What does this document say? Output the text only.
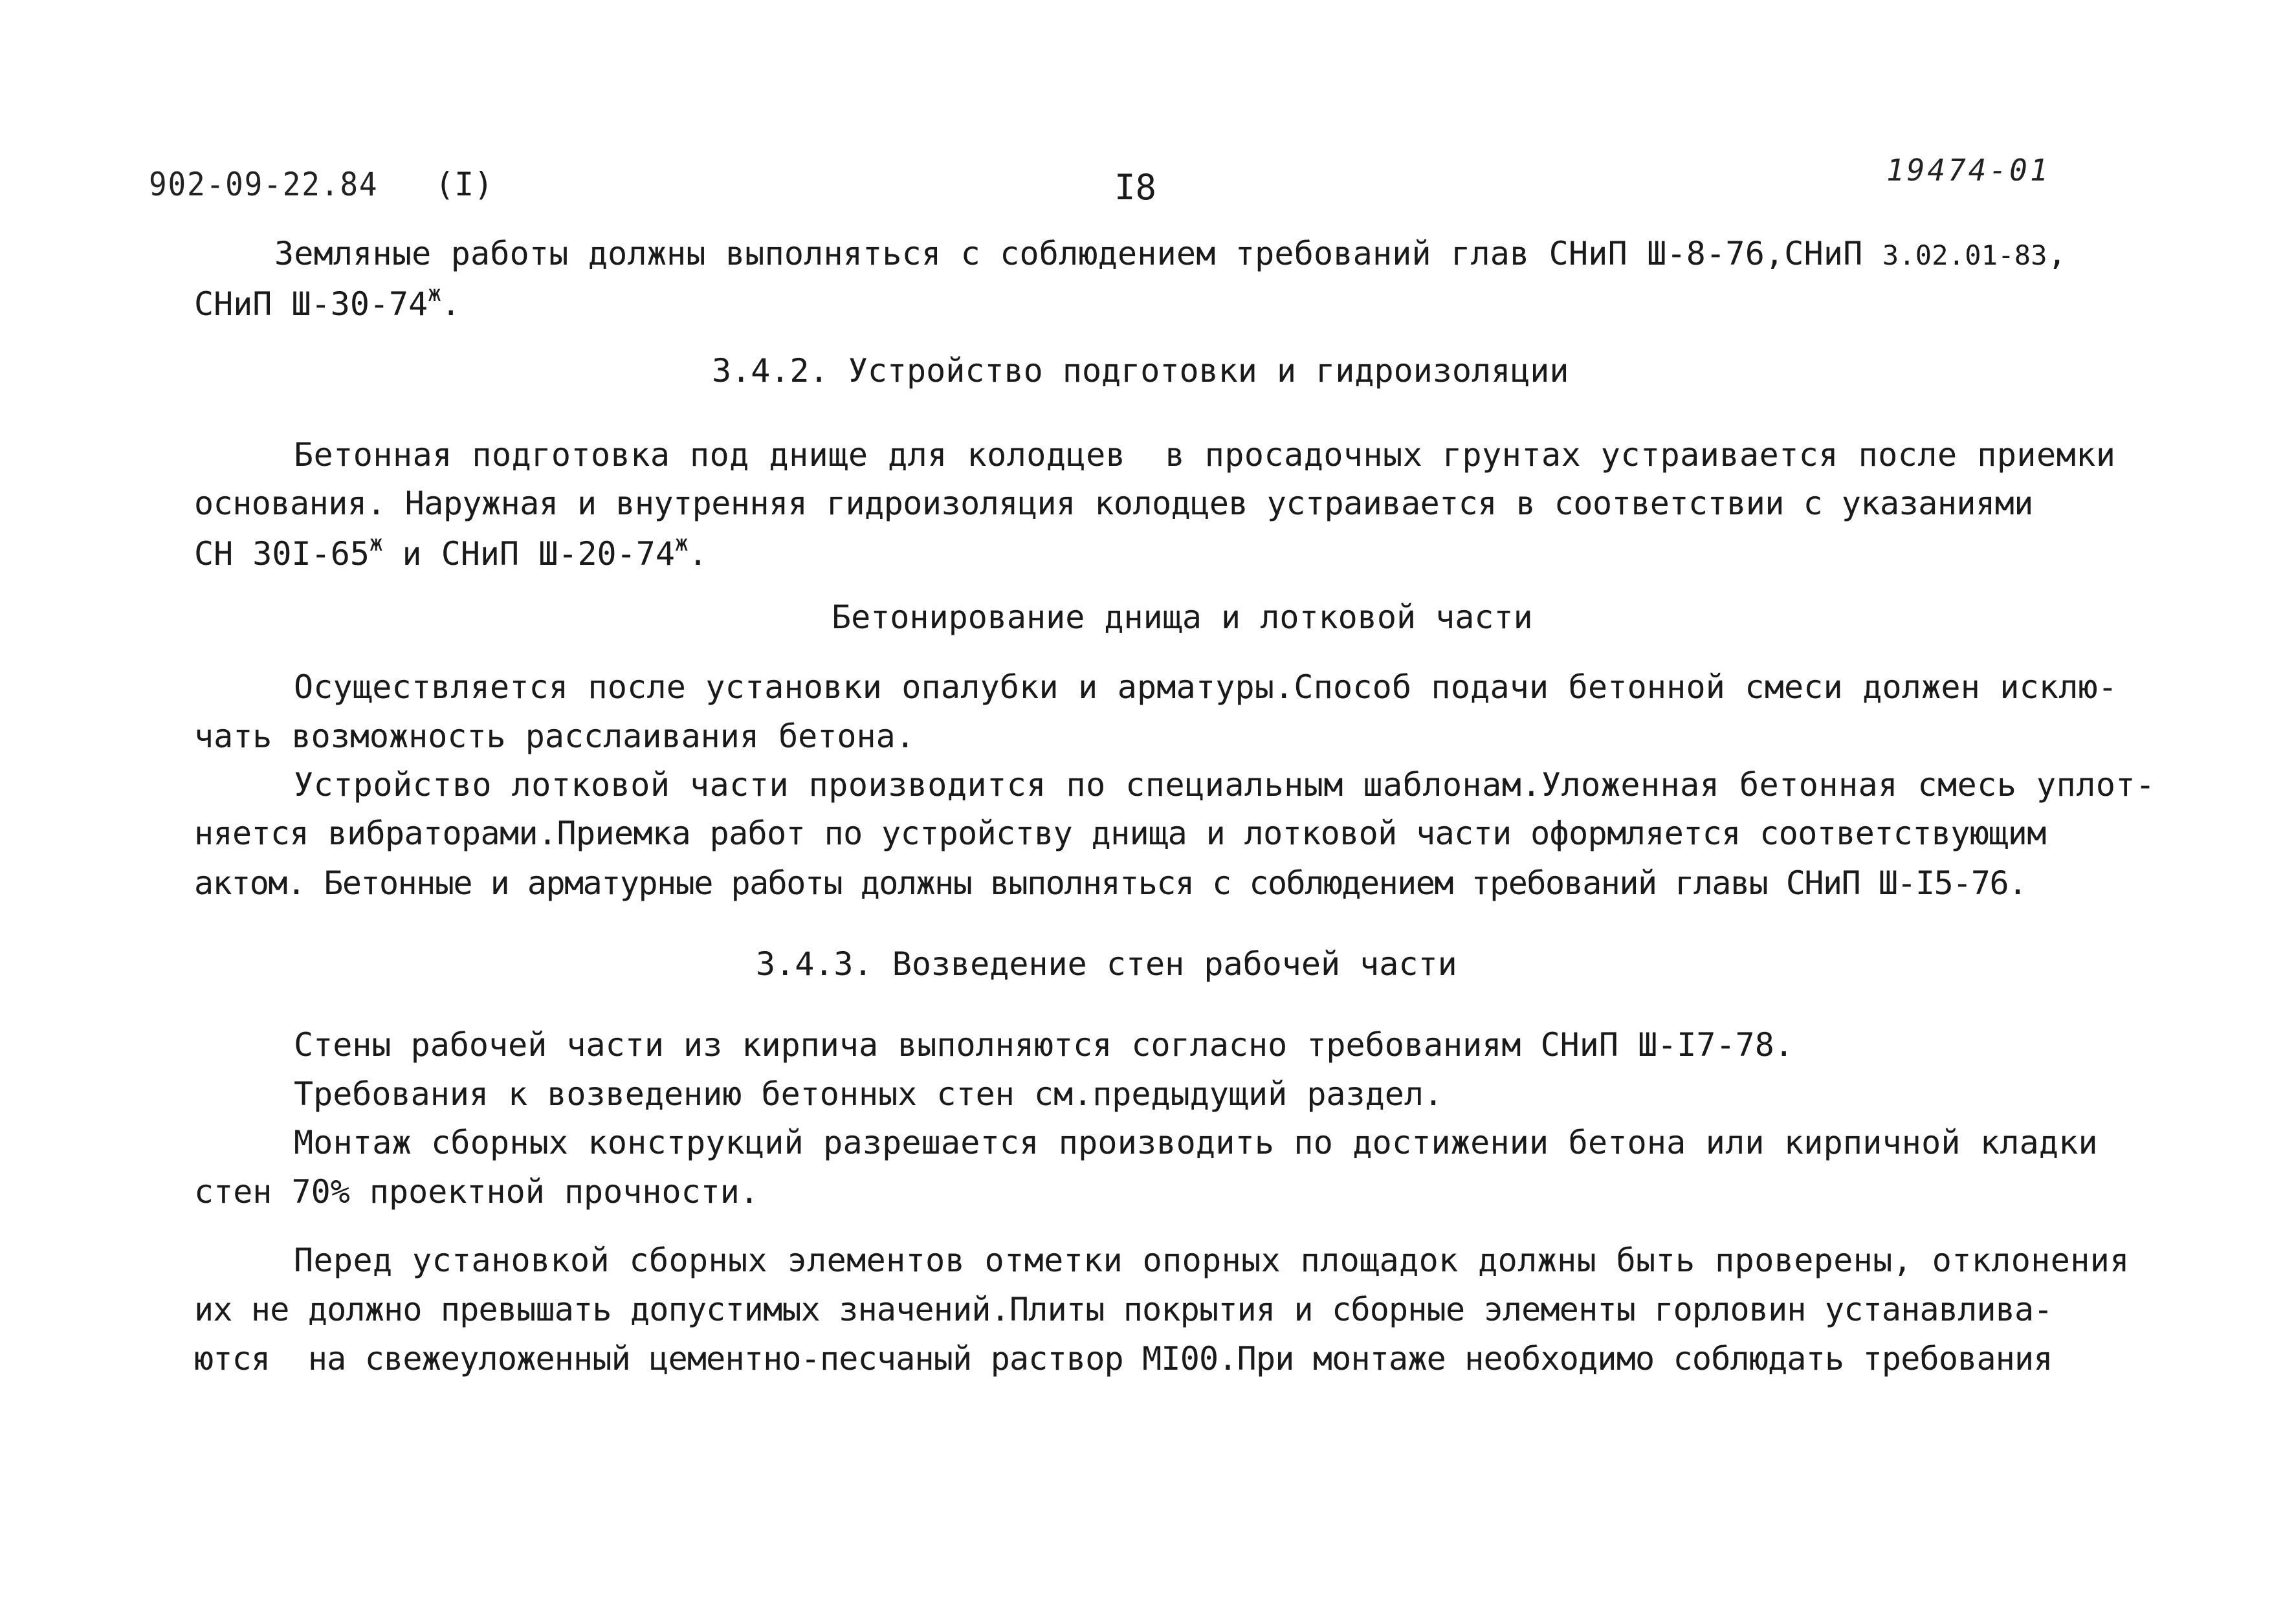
902-09-22.84 (I)	I8	19474-01
Земляные работы должны выполняться с соблюдением требований глав СНиП Ш-8-76,СНиП 3.02.01-83,
СНиП $Ш-30-74^ж$.
3.4.2. Устройство подготовки и гидроизоляции
Бетонная подготовка под днище для колодцев  в просадочных грунтах устраивается после приемки
основания. Наружная и внутренняя гидроизоляция колодцев устраивается в соответствии с указаниями
СН $30I-65^ж$ и СНиП $Ш-20-74^ж$.
Бетонирование днища и лотковой части
Осуществляется после установки опалубки и арматуры.Способ подачи бетонной смеси должен исклю-
чать возможность расслаивания бетона.
Устройство лотковой части производится по специальным шаблонам.Уложенная бетонная смесь уплот-
няется вибраторами.Приемка работ по устройству днища и лотковой части оформляется соответствующим
актом. Бетонные и арматурные работы должны выполняться с соблюдением требований главы СНиП Ш-I5-76.
3.4.3. Возведение стен рабочей части
Стены рабочей части из кирпича выполняются согласно требованиям СНиП Ш-I7-78.
Требования к возведению бетонных стен см.предыдущий раздел.
Монтаж сборных конструкций разрешается производить по достижении бетона или кирпичной кладки
стен 70% проектной прочности.
Перед установкой сборных элементов отметки опорных площадок должны быть проверены, отклонения
их не должно превышать допустимых значений.Плиты покрытия и сборные элементы горловин устанавлива-
ются  на свежеуложенный цементно-песчаный раствор МI00.При монтаже необходимо соблюдать требования
